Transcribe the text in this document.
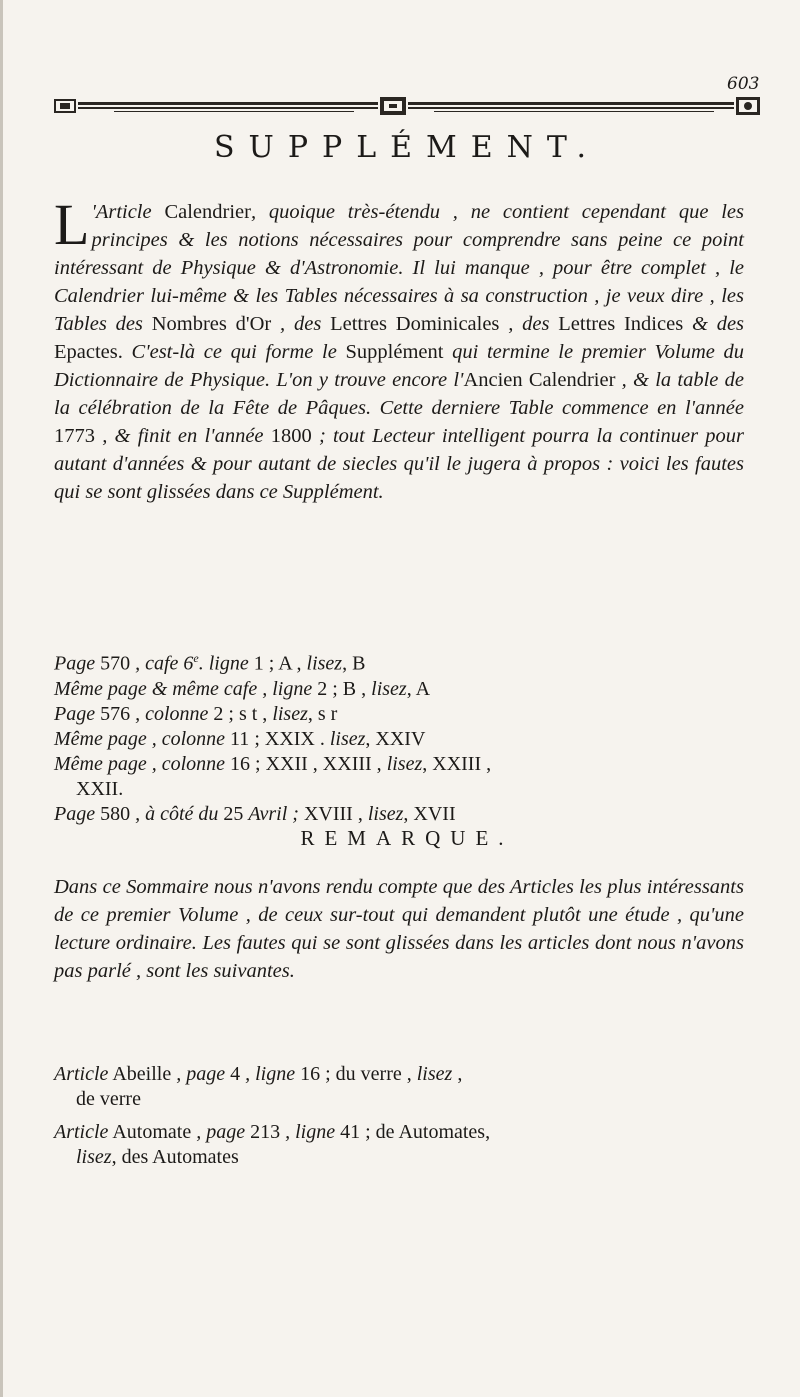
603
SUPPLÉMENT.
L 'Article Calendrier, quoique très-étendu , ne contient cependant que les principes & les notions nécessaires pour comprendre sans peine ce point intéressant de Physique & d'Astronomie. Il lui manque , pour être complet , le Calendrier lui-même & les Tables nécessaires à sa construction , je veux dire , les Tables des Nombres d'Or , des Lettres Dominicales , des Lettres Indices & des Epactes. C'est-là ce qui forme le Supplément qui termine le premier Volume du Dictionnaire de Physique. L'on y trouve encore l'Ancien Calendrier , & la table de la célébration de la Fête de Pâques. Cette derniere Table commence en l'année 1773 , & finit en l'année 1800 ; tout Lecteur intelligent pourra la continuer pour autant d'années & pour autant de siecles qu'il le jugera à propos : voici les fautes qui se sont glissées dans ce Supplément.
Page 570 , cafe 6e. ligne 1 ; A , lisez, B
Même page & même cafe , ligne 2 ; B , lisez, A
Page 576 , colonne 2 ; s t , lisez, s r
Même page , colonne 11 ; XXIX . lisez, XXIV
Même page , colonne 16 ; XXII , XXIII , lisez, XXIII ,
XXII.
Page 580 , à côté du 25 Avril ; XVIII , lisez, XVII
REMARQUE.
Dans ce Sommaire nous n'avons rendu compte que des Articles les plus intéressants de ce premier Volume , de ceux sur-tout qui demandent plutôt une étude , qu'une lecture ordinaire. Les fautes qui se sont glissées dans les articles dont nous n'avons pas parlé , sont les suivantes.
Article Abeille , page 4 , ligne 16 ; du verre , lisez ,
de verre
Article Automate , page 213 , ligne 41 ; de Automates,
lisez, des Automates
